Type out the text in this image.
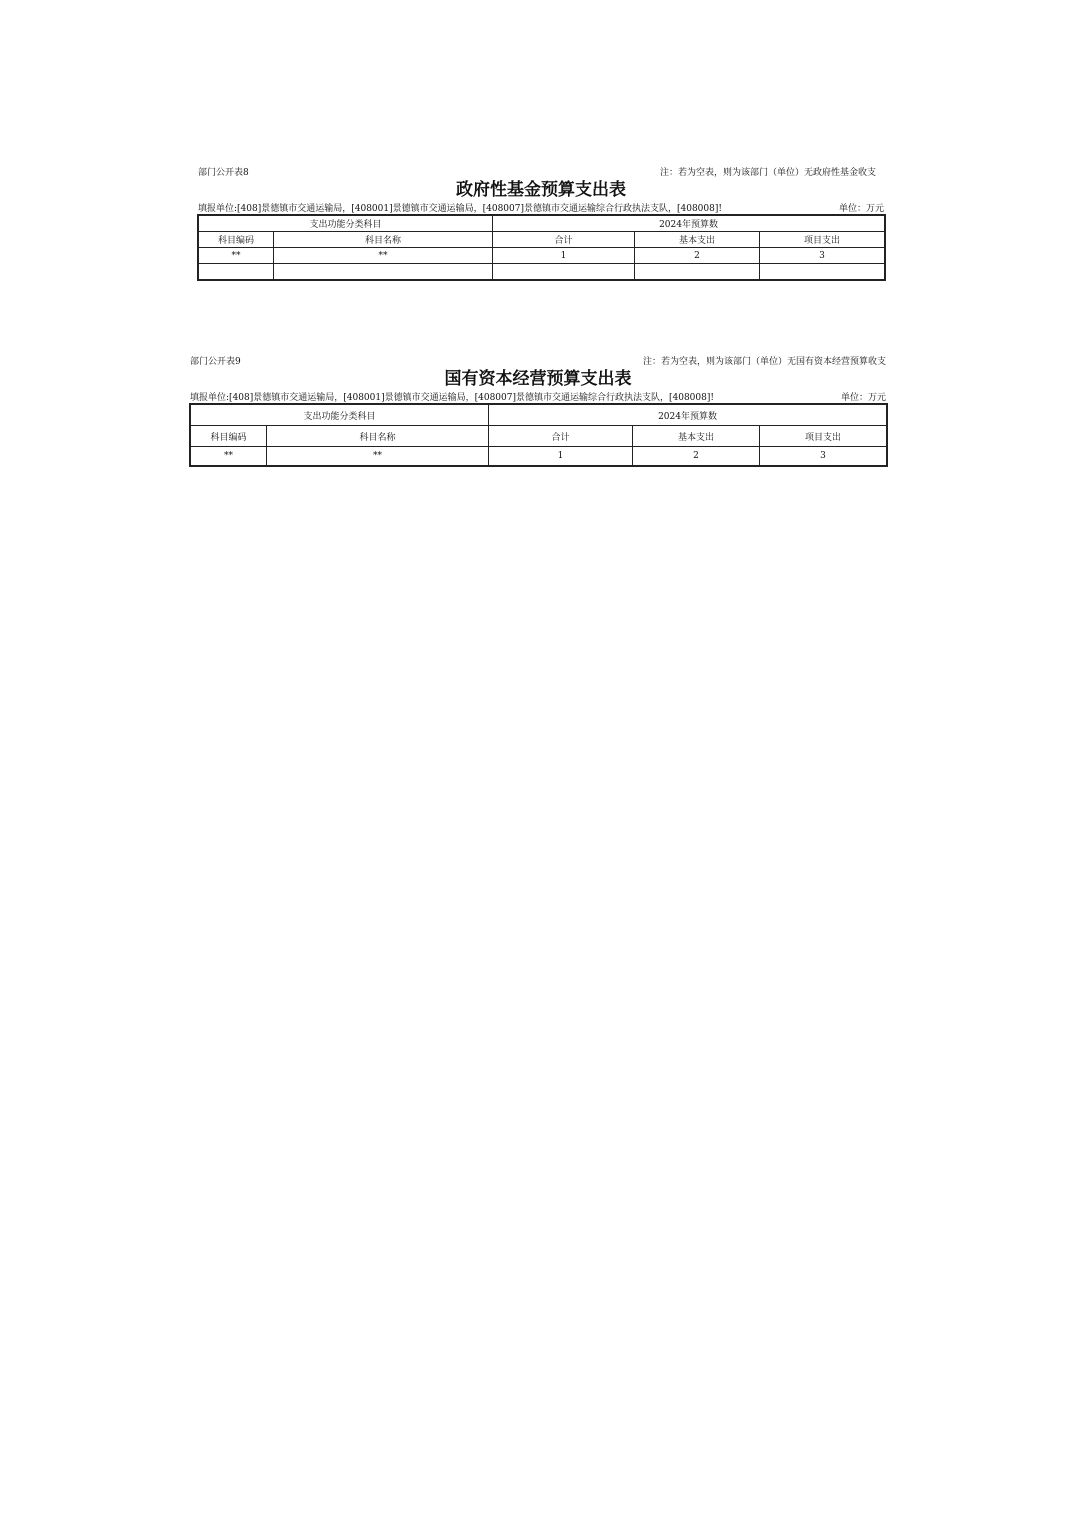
部门公开表8	注：若为空表，则为该部门（单位）无政府性基金收支
政府性基金预算支出表
填报单位:[408]景德镇市交通运输局，[408001]景德镇市交通运输局，[408007]景德镇市交通运输综合行政执法支队，[408008]!	单位：万元
支出功能分类科目		2024年预算数		
科目编码	科目名称	合计	基本支出	项目支出
**	**	1	2	3

部门公开表9	注：若为空表，则为该部门（单位）无国有资本经营预算收支
国有资本经营预算支出表
填报单位:[408]景德镇市交通运输局，[408001]景德镇市交通运输局，[408007]景德镇市交通运输综合行政执法支队，[408008]!	单位：万元
支出功能分类科目		2024年预算数		
科目编码	科目名称	合计	基本支出	项目支出
**	**	1	2	3
